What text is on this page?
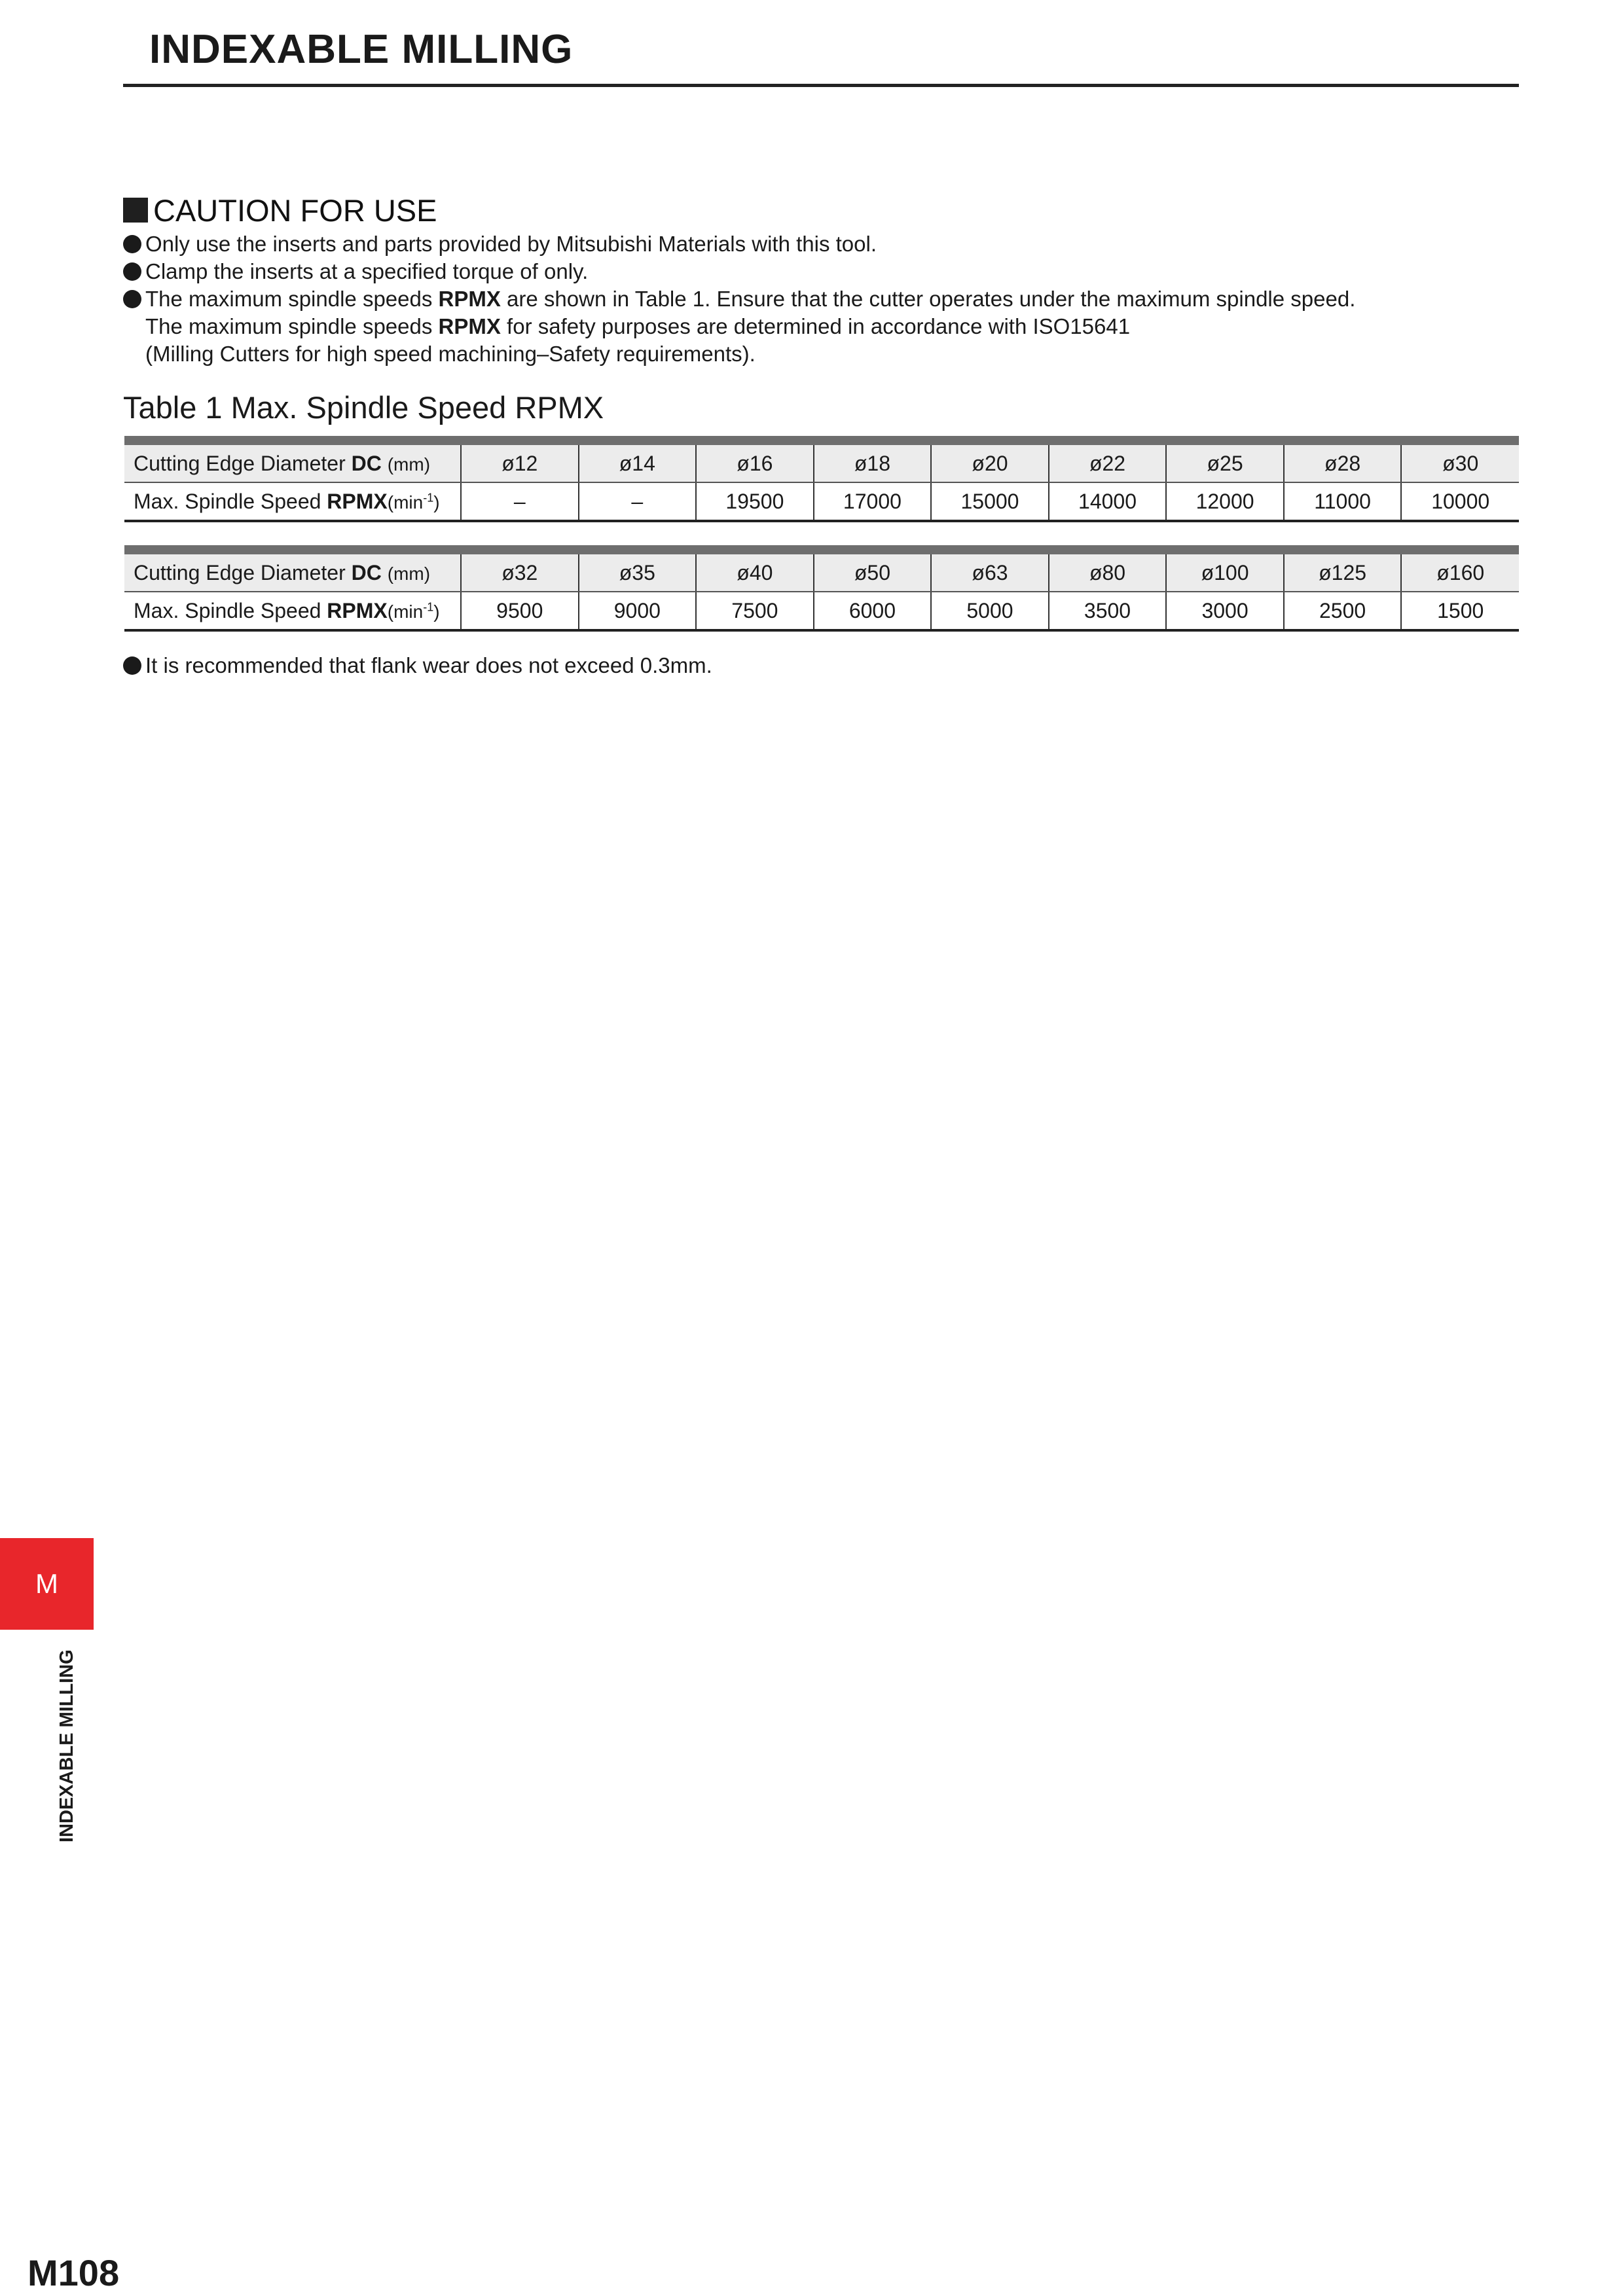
INDEXABLE MILLING
CAUTION FOR USE
Only use the inserts and parts provided by Mitsubishi Materials with this tool.
Clamp the inserts at a specified torque of only.
The maximum spindle speeds RPMX are shown in Table 1. Ensure that the cutter operates under the maximum spindle speed.
The maximum spindle speeds RPMX for safety purposes are determined in accordance with ISO15641
(Milling Cutters for high speed machining–Safety requirements).
Table 1 Max. Spindle Speed RPMX
Cutting Edge Diameter DC (mm)	ø12	ø14	ø16	ø18	ø20	ø22	ø25	ø28	ø30
Max. Spindle Speed $RPMX(\min^{-1})$	–	–	19500	17000	15000	14000	12000	11000	10000
Cutting Edge Diameter DC (mm)	ø32	ø35	ø40	ø50	ø63	ø80	ø100	ø125	ø160
Max. Spindle Speed $RPMX(\min^{-1})$	9500	9000	7500	6000	5000	3500	3000	2500	1500
It is recommended that flank wear does not exceed 0.3mm.
M
INDEXABLE MILLING
M108
